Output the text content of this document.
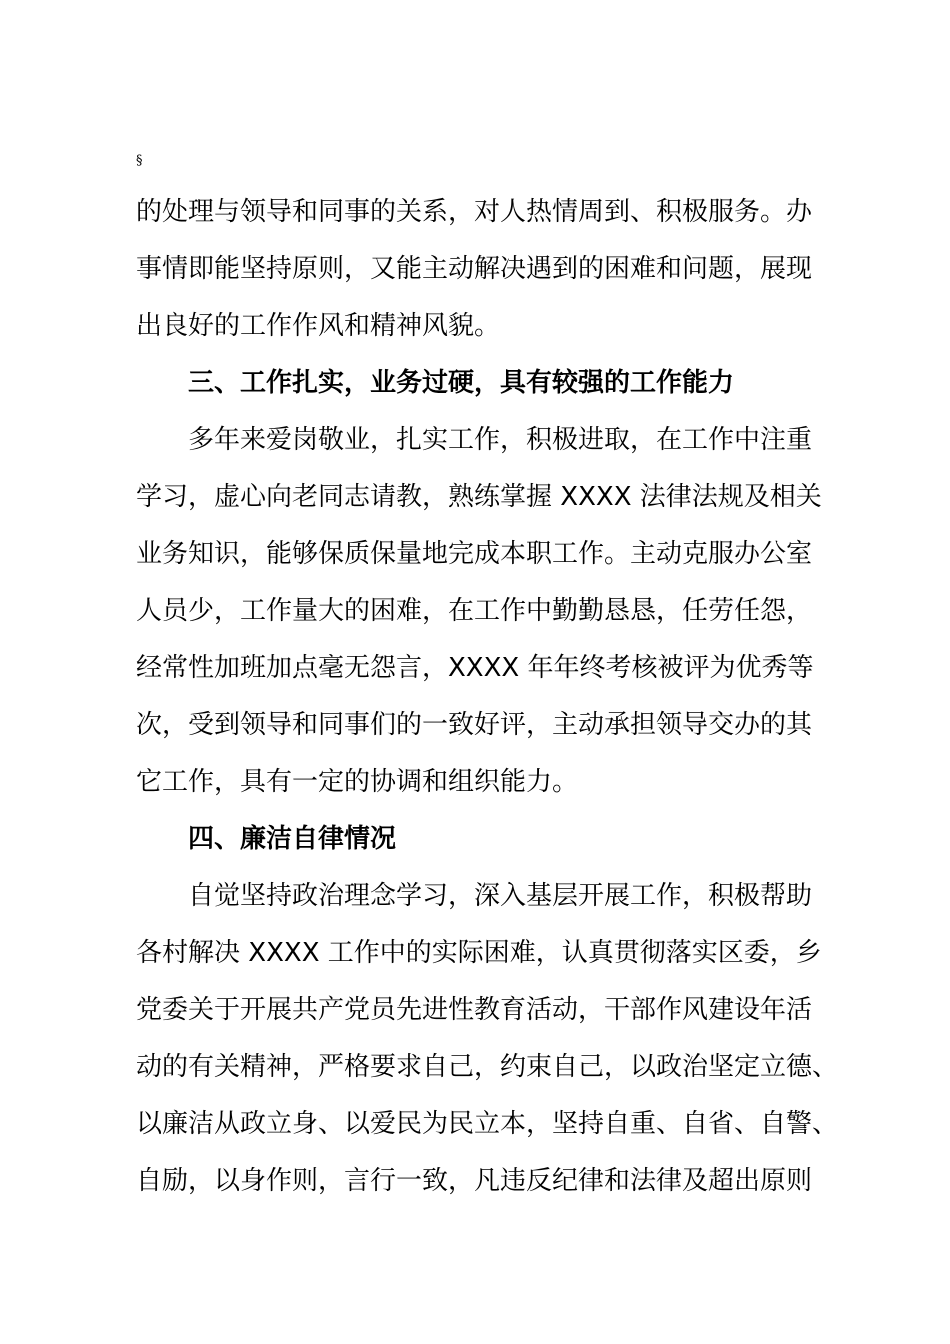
§
的处理与领导和同事的关系，对人热情周到、积极服务。办
事情即能坚持原则，又能主动解决遇到的困难和问题，展现
出良好的工作作风和精神风貌。
三、工作扎实，业务过硬，具有较强的工作能力
多年来爱岗敬业，扎实工作，积极进取，在工作中注重
学习，虚心向老同志请教，熟练掌握 XXXX 法律法规及相关
业务知识，能够保质保量地完成本职工作。主动克服办公室
人员少，工作量大的困难，在工作中勤勤恳恳，任劳任怨，
经常性加班加点毫无怨言，XXXX 年年终考核被评为优秀等
次，受到领导和同事们的一致好评，主动承担领导交办的其
它工作，具有一定的协调和组织能力。
四、廉洁自律情况
自觉坚持政治理念学习，深入基层开展工作，积极帮助
各村解决 XXXX 工作中的实际困难，认真贯彻落实区委，乡
党委关于开展共产党员先进性教育活动，干部作风建设年活
动的有关精神，严格要求自己，约束自己，以政治坚定立德、
以廉洁从政立身、以爱民为民立本，坚持自重、自省、自警、
自励，以身作则，言行一致，凡违反纪律和法律及超出原则
